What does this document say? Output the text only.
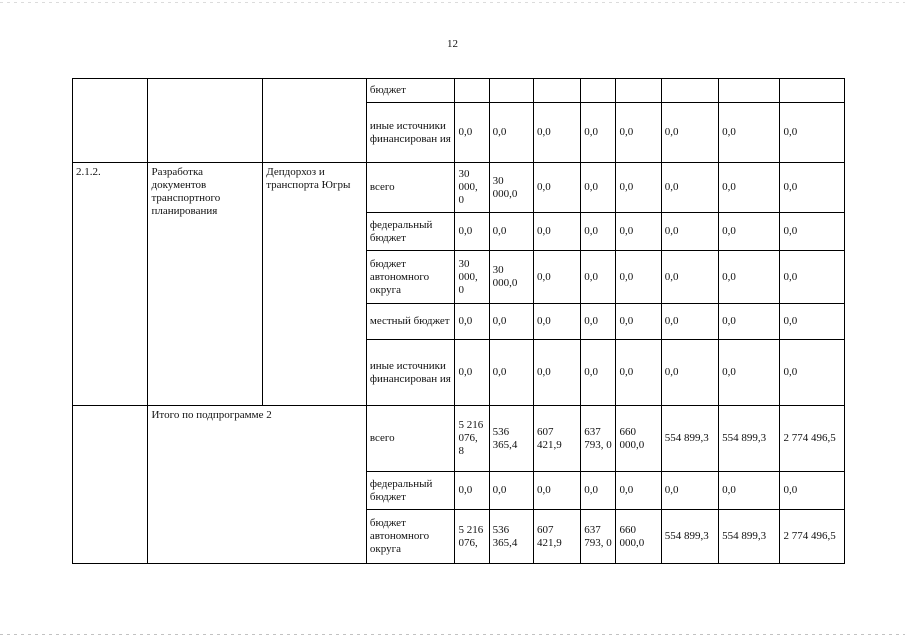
12
			бюджет								
			иные источники финансирован ия	0,0	0,0	0,0	0,0	0,0	0,0	0,0	0,0
2.1.2.	Разработка документов транспортного планирования	Депдорхоз и транспорта Югры	всего	30 000, 0	30 000,0	0,0	0,0	0,0	0,0	0,0	0,0
			федеральный бюджет	0,0	0,0	0,0	0,0	0,0	0,0	0,0	0,0
			бюджет автономного округа	30 000, 0	30 000,0	0,0	0,0	0,0	0,0	0,0	0,0
			местный бюджет	0,0	0,0	0,0	0,0	0,0	0,0	0,0	0,0
			иные источники финансирован ия	0,0	0,0	0,0	0,0	0,0	0,0	0,0	0,0
	Итого по подпрограмме 2		всего	5 216 076, 8	536 365,4	607 421,9	637 793, 0	660 000,0	554 899,3	554 899,3	2 774 496,5
			федеральный бюджет	0,0	0,0	0,0	0,0	0,0	0,0	0,0	0,0
			бюджет автономного округа	5 216 076,	536 365,4	607 421,9	637 793, 0	660 000,0	554 899,3	554 899,3	2 774 496,5
